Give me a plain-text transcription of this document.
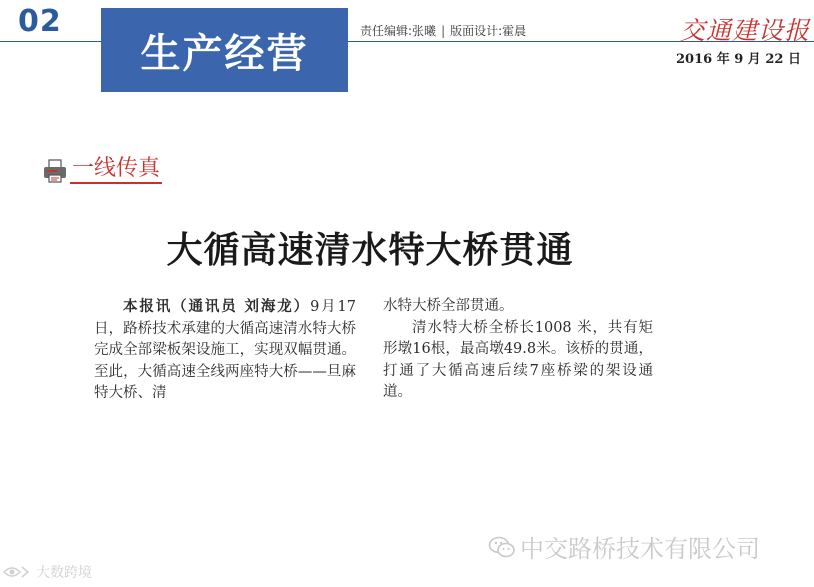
02
生产经营	责任编辑:张曦 | 版面设计:霍晨	交通建设报
2016 年 9 月 22 日
一线传真
大循高速清水特大桥贯通

本报讯（通讯员 刘海龙）9月17日，路桥技术承建的大循高速清水特大桥完成全部梁板架设施工，实现双幅贯通。至此，大循高速全线两座特大桥——旦麻特大桥、清

水特大桥全部贯通。

清水特大桥全桥长1008 米，共有矩形墩16根，最高墩49.8米。该桥的贯通，打通了大循高速后续7座桥梁的架设通道。

中交路桥技术有限公司
大数跨境
